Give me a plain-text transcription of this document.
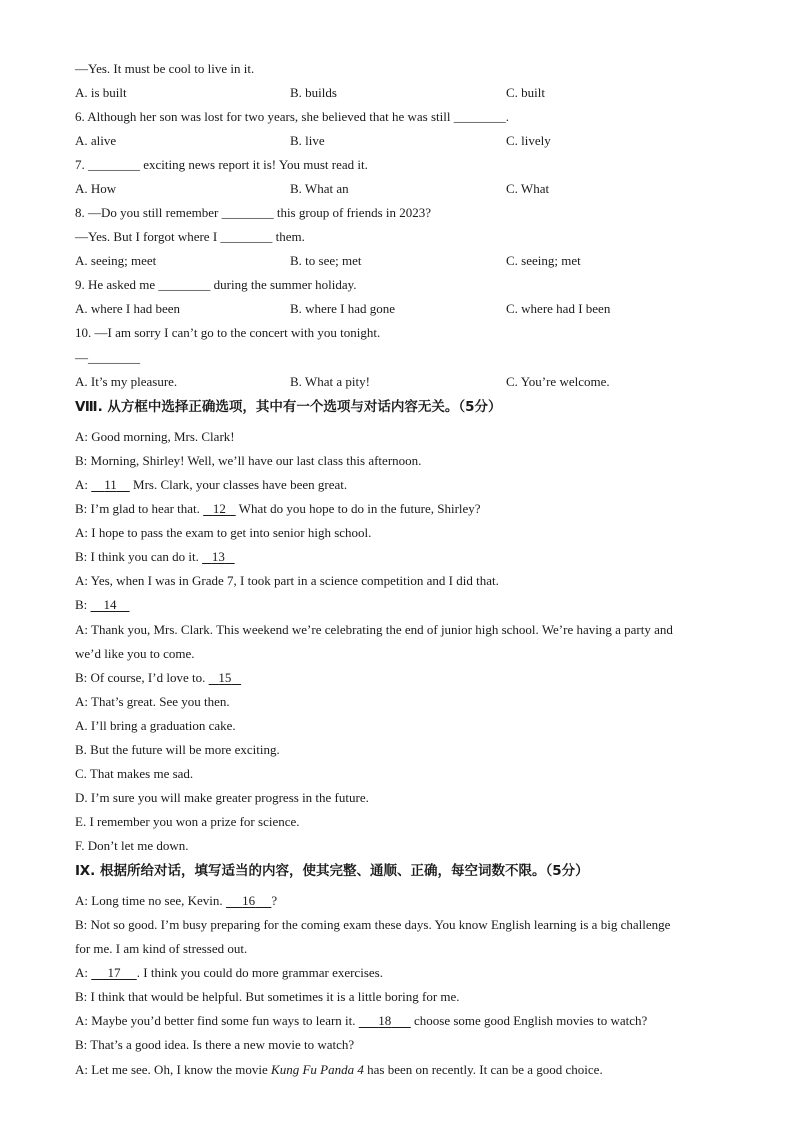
—Yes. It must be cool to live in it.
A. is built	B. builds	C. built
6. Although her son was lost for two years, she believed that he was still ________.
A. alive	B. live	C. lively
7. ________ exciting news report it is! You must read it.
A. How	B. What an	C. What
8. —Do you still remember ________ this group of friends in 2023?
—Yes. But I forgot where I ________ them.
A. seeing; meet	B. to see; met	C. seeing; met
9. He asked me ________ during the summer holiday.
A. where I had been	B. where I had gone	C. where had I been
10. —I am sorry I can’t go to the concert with you tonight.
—________
A. It’s my pleasure.	B. What a pity!	C. You’re welcome.
Ⅷ. 从方框中选择正确选项，其中有一个选项与对话内容无关。（5分）
A: Good morning, Mrs. Clark!
B: Morning, Shirley! Well, we’ll have our last class this afternoon.
A:     11     Mrs. Clark, your classes have been great.
B: I’m glad to hear that.    12    What do you hope to do in the future, Shirley?
A: I hope to pass the exam to get into senior high school.
B: I think you can do it.    13
A: Yes, when I was in Grade 7, I took part in a science competition and I did that.
B:     14
A: Thank you, Mrs. Clark. This weekend we’re celebrating the end of junior high school. We’re having a party and
we’d like you to come.
B: Of course, I’d love to.    15
A: That’s great. See you then.
A. I’ll bring a graduation cake.
B. But the future will be more exciting.
C. That makes me sad.
D. I’m sure you will make greater progress in the future.
E. I remember you won a prize for science.
F. Don’t let me down.
Ⅸ. 根据所给对话，填写适当的内容，使其完整、通顺、正确，每空词数不限。（5分）
A: Long time no see, Kevin.      16 ?
B: Not so good. I’m busy preparing for the coming exam these days. You know English learning is a big challenge
for me. I am kind of stressed out.
A:      17 . I think you could do more grammar exercises.
B: I think that would be helpful. But sometimes it is a little boring for me.
A: Maybe you’d better find some fun ways to learn it.       18       choose some good English movies to watch?
B: That’s a good idea. Is there a new movie to watch?
A: Let me see. Oh, I know the movie Kung Fu Panda 4 has been on recently. It can be a good choice.
